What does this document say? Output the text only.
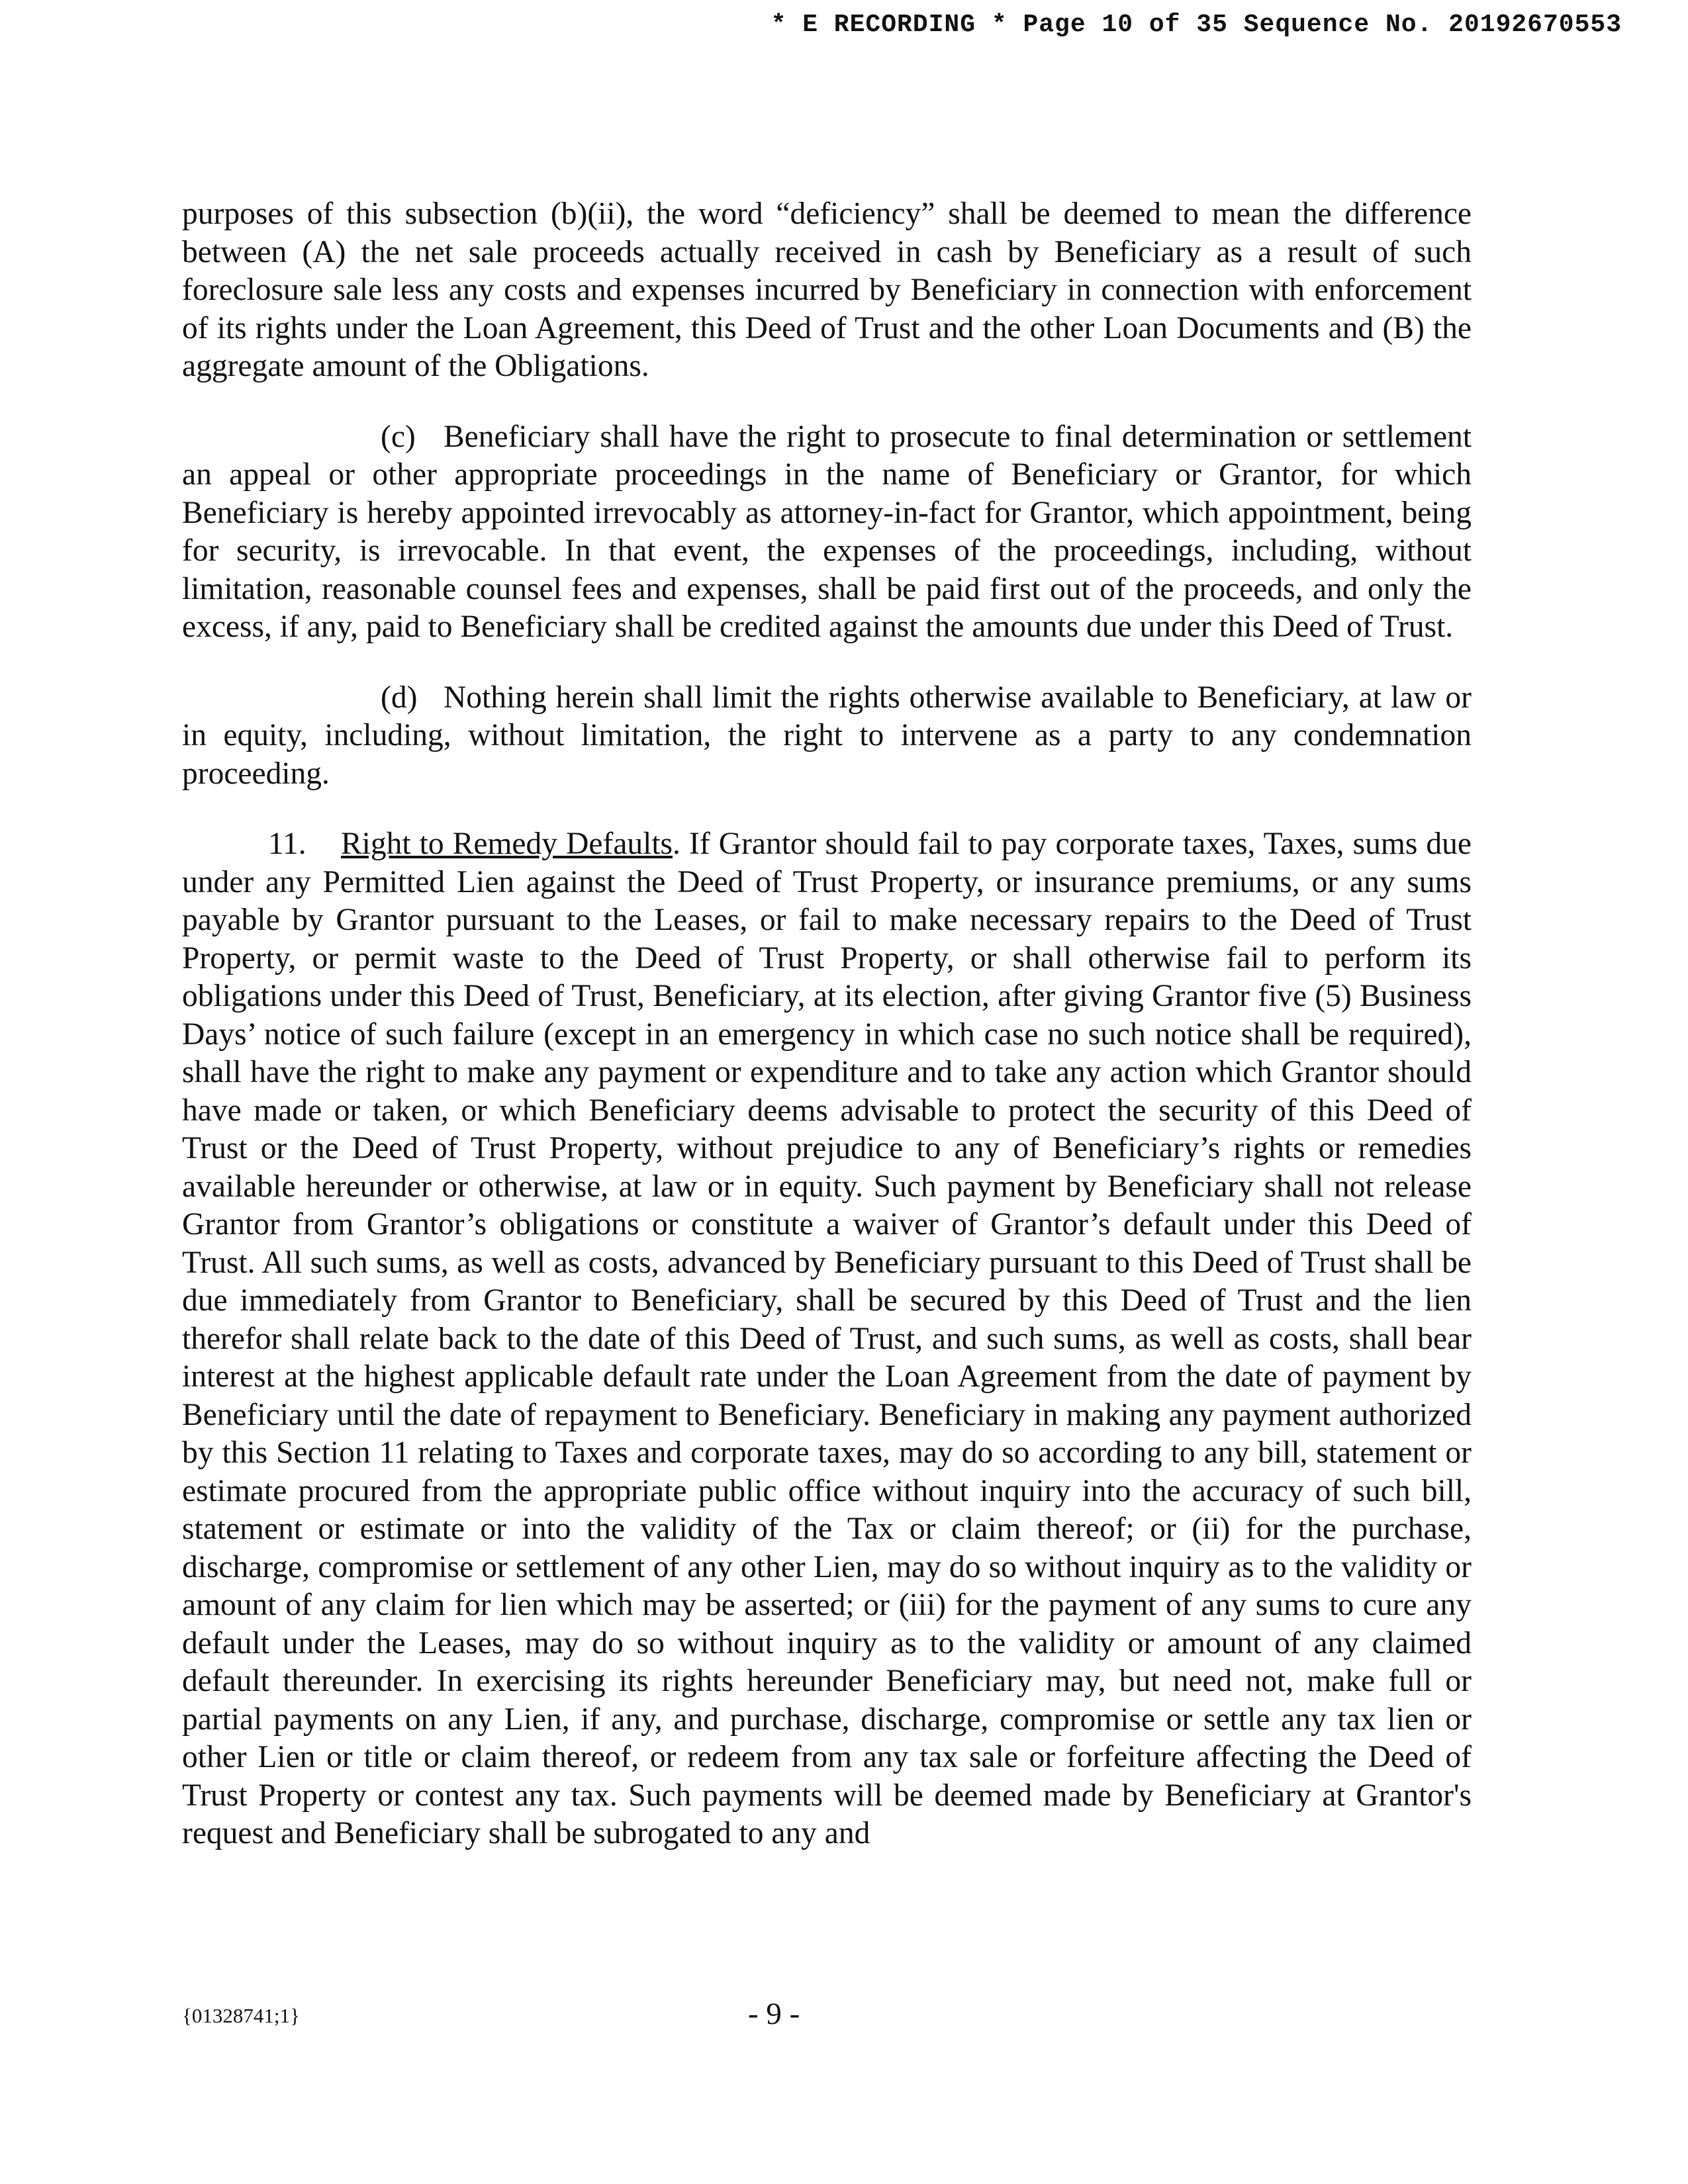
* E RECORDING * Page 10 of 35 Sequence No. 20192670553

purposes of this subsection (b)(ii), the word “deficiency” shall be deemed to mean the difference between (A) the net sale proceeds actually received in cash by Beneficiary as a result of such foreclosure sale less any costs and expenses incurred by Beneficiary in connection with enforcement of its rights under the Loan Agreement, this Deed of Trust and the other Loan Documents and (B) the aggregate amount of the Obligations.

(c) Beneficiary shall have the right to prosecute to final determination or settlement an appeal or other appropriate proceedings in the name of Beneficiary or Grantor, for which Beneficiary is hereby appointed irrevocably as attorney-in-fact for Grantor, which appointment, being for security, is irrevocable. In that event, the expenses of the proceedings, including, without limitation, reasonable counsel fees and expenses, shall be paid first out of the proceeds, and only the excess, if any, paid to Beneficiary shall be credited against the amounts due under this Deed of Trust.

(d) Nothing herein shall limit the rights otherwise available to Beneficiary, at law or in equity, including, without limitation, the right to intervene as a party to any condemnation proceeding.

11. Right to Remedy Defaults. If Grantor should fail to pay corporate taxes, Taxes, sums due under any Permitted Lien against the Deed of Trust Property, or insurance premiums, or any sums payable by Grantor pursuant to the Leases, or fail to make necessary repairs to the Deed of Trust Property, or permit waste to the Deed of Trust Property, or shall otherwise fail to perform its obligations under this Deed of Trust, Beneficiary, at its election, after giving Grantor five (5) Business Days’ notice of such failure (except in an emergency in which case no such notice shall be required), shall have the right to make any payment or expenditure and to take any action which Grantor should have made or taken, or which Beneficiary deems advisable to protect the security of this Deed of Trust or the Deed of Trust Property, without prejudice to any of Beneficiary’s rights or remedies available hereunder or otherwise, at law or in equity. Such payment by Beneficiary shall not release Grantor from Grantor’s obligations or constitute a waiver of Grantor’s default under this Deed of Trust. All such sums, as well as costs, advanced by Beneficiary pursuant to this Deed of Trust shall be due immediately from Grantor to Beneficiary, shall be secured by this Deed of Trust and the lien therefor shall relate back to the date of this Deed of Trust, and such sums, as well as costs, shall bear interest at the highest applicable default rate under the Loan Agreement from the date of payment by Beneficiary until the date of repayment to Beneficiary. Beneficiary in making any payment authorized by this Section 11 relating to Taxes and corporate taxes, may do so according to any bill, statement or estimate procured from the appropriate public office without inquiry into the accuracy of such bill, statement or estimate or into the validity of the Tax or claim thereof; or (ii) for the purchase, discharge, compromise or settlement of any other Lien, may do so without inquiry as to the validity or amount of any claim for lien which may be asserted; or (iii) for the payment of any sums to cure any default under the Leases, may do so without inquiry as to the validity or amount of any claimed default thereunder. In exercising its rights hereunder Beneficiary may, but need not, make full or partial payments on any Lien, if any, and purchase, discharge, compromise or settle any tax lien or other Lien or title or claim thereof, or redeem from any tax sale or forfeiture affecting the Deed of Trust Property or contest any tax. Such payments will be deemed made by Beneficiary at Grantor's request and Beneficiary shall be subrogated to any and

{01328741;1}	- 9 -
